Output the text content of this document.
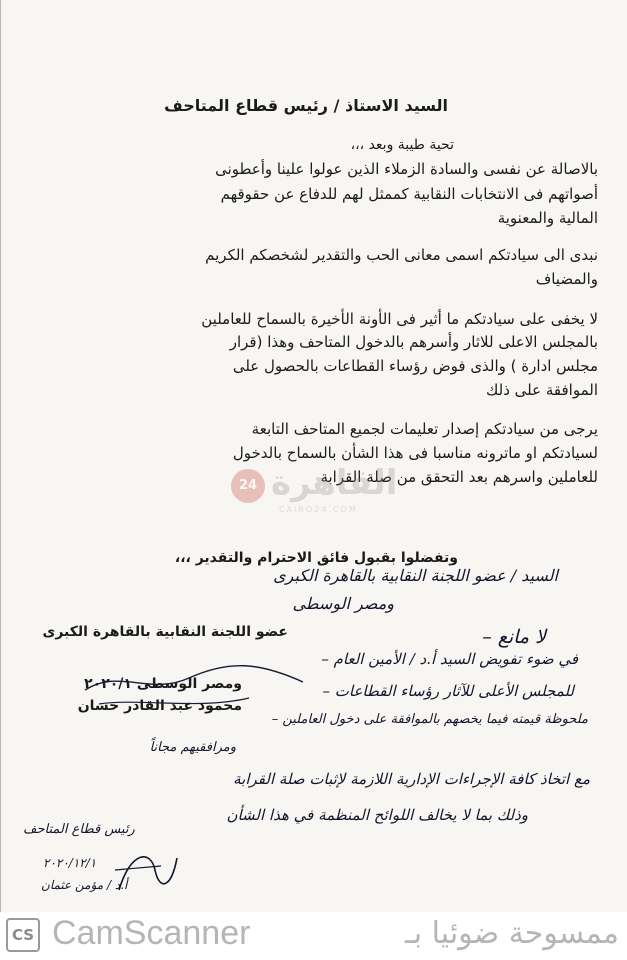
السيد الاستاذ / رئيس قطاع المتاحف
تحية طيبة وبعد ،،،
بالاصالة عن نفسى والسادة الزملاء الذين عولوا علينا وأعطونى
أصواتهم فى الانتخابات النقابية كممثل لهم للدفاع عن حقوقهم
المالية والمعنوية
نبدى الى سيادتكم اسمى معانى الحب والتقدير لشخصكم الكريم
والمضياف
لا يخفى على سيادتكم ما أثير فى الأونة الأخيرة بالسماح للعاملين
بالمجلس الاعلى للاثار وأسرهم بالدخول المتاحف وهذا (قرار
مجلس ادارة ) والذى فوض رؤساء القطاعات بالحصول على
الموافقة على ذلك
يرجى من سيادتكم إصدار تعليمات لجميع المتاحف التابعة
لسيادتكم او ماترونه مناسبا فى هذا الشأن بالسماح بالدخول
للعاملين واسرهم بعد التحقق من صلة القرابة
وتفضلوا بقبول فائق الاحترام والتقدير ،،،
عضو اللجنة النقابية بالقاهرة الكبرى
ومصر الوسطى ٢٠٢٠/١
محمود عبد القادر حسان
24 القاهرة
CAIRO24.COM
السيد / عضو اللجنة النقابية بالقاهرة الكبرى
ومصر الوسطى
لا مانع –
في ضوء تفويض السيد أ.د / الأمين العام –
للمجلس الأعلى للآثار رؤساء القطاعات –
ملحوظة قيمته فيما يخصهم بالموافقة على دخول العاملين –
ومرافقيهم مجاناً
مع اتخاذ كافة الإجراءات الإدارية اللازمة لإثبات صلة القرابة
وذلك بما لا يخالف اللوائح المنظمة في هذا الشأن
رئيس قطاع المتاحف
٢٠٢٠/١٢/١
أ.د / مؤمن عثمان
CS CamScanner	ممسوحة ضوئيا بـ
